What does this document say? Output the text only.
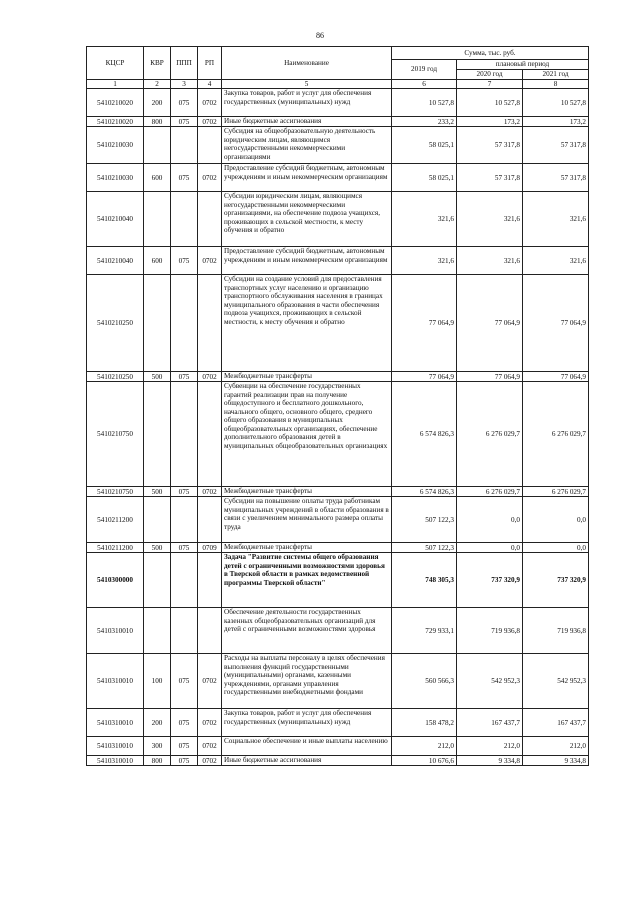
86
КЦСР	КВР	ППП	РП	Наименование	Сумма, тыс. руб.		
					2019 год	плановый период	
						2020 год	2021 год
1	2	3	4	5	6	7	8
5410210020	200	075	0702	Закупка товаров, работ и услуг для обеспечения государственных (муниципальных) нужд	10 527,8	10 527,8	10 527,8
5410210020	800	075	0702	Иные бюджетные ассигнования	233,2	173,2	173,2
5410210030				Субсидия на общеобразовательную деятельность юридическим лицам, являющимся негосударственными некоммерческими организациями	58 025,1	57 317,8	57 317,8
5410210030	600	075	0702	Предоставление субсидий бюджетным, автономным учреждениям и иным некоммерческим организациям	58 025,1	57 317,8	57 317,8
5410210040				Субсидии юридическим лицам, являющимся негосударственными некоммерческими организациями, на обеспечение подвоза учащихся, проживающих в сельской местности, к месту обучения и обратно	321,6	321,6	321,6
5410210040	600	075	0702	Предоставление субсидий бюджетным, автономным учреждениям и иным некоммерческим организациям	321,6	321,6	321,6
5410210250				Субсидии на создание условий для предоставления транспортных услуг населению и организацию транспортного обслуживания населения в границах муниципального образования в части обеспечения подвоза учащихся, проживающих в сельской местности, к месту обучения и обратно	77 064,9	77 064,9	77 064,9
5410210250	500	075	0702	Межбюджетные трансферты	77 064,9	77 064,9	77 064,9
5410210750				Субвенции на обеспечение государственных гарантий реализации прав на получение общедоступного и бесплатного дошкольного, начального общего, основного общего, среднего общего образования в муниципальных общеобразовательных организациях, обеспечение дополнительного образования детей в муниципальных общеобразовательных организациях	6 574 826,3	6 276 029,7	6 276 029,7
5410210750	500	075	0702	Межбюджетные трансферты	6 574 826,3	6 276 029,7	6 276 029,7
5410211200				Субсидии на повышение оплаты труда работникам муниципальных учреждений в области образования в связи с увеличением минимального размера оплаты труда	507 122,3	0,0	0,0
5410211200	500	075	0709	Межбюджетные трансферты	507 122,3	0,0	0,0
5410300000				Задача "Развитие системы общего образования детей с ограниченными возможностями здоровья в Тверской области в рамках ведомственной программы Тверской области"	748 305,3	737 320,9	737 320,9
5410310010				Обеспечение деятельности государственных казенных общеобразовательных организаций для детей с ограниченными возможностями здоровья	729 933,1	719 936,8	719 936,8
5410310010	100	075	0702	Расходы на выплаты персоналу в целях обеспечения выполнения функций государственными (муниципальными) органами, казенными учреждениями, органами управления государственными внебюджетными фондами	560 566,3	542 952,3	542 952,3
5410310010	200	075	0702	Закупка товаров, работ и услуг для обеспечения государственных (муниципальных) нужд	158 478,2	167 437,7	167 437,7
5410310010	300	075	0702	Социальное обеспечение и иные выплаты населению	212,0	212,0	212,0
5410310010	800	075	0702	Иные бюджетные ассигнования	10 676,6	9 334,8	9 334,8
